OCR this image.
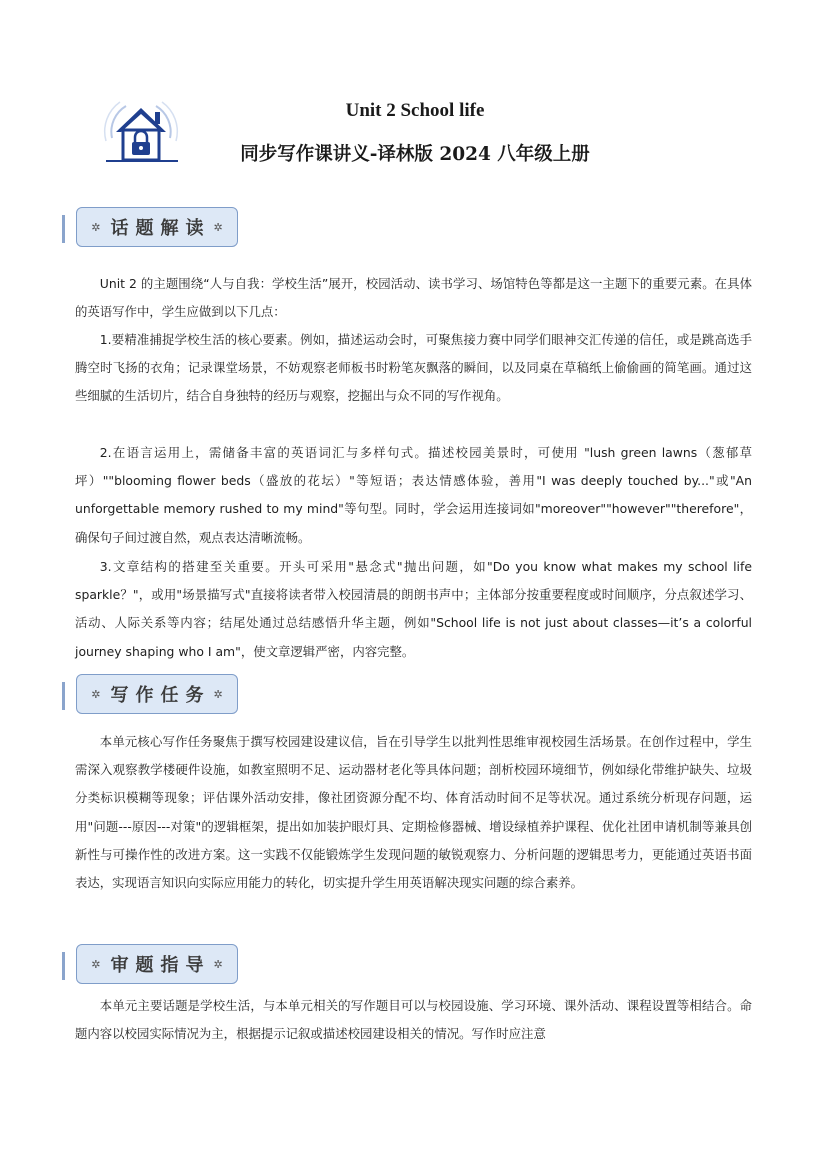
Unit 2 School life
同步写作课讲义-译林版 2024 八年级上册
✲ 话题解读 ✲

Unit 2 的主题围绕“人与自我：学校生活”展开，校园活动、读书学习、场馆特色等都是这一主题下的重要元素。在具体的英语写作中，学生应做到以下几点：

1.要精准捕捉学校生活的核心要素。例如，描述运动会时，可聚焦接力赛中同学们眼神交汇传递的信任，或是跳高选手腾空时飞扬的衣角；记录课堂场景，不妨观察老师板书时粉笔灰飘落的瞬间，以及同桌在草稿纸上偷偷画的简笔画。通过这些细腻的生活切片，结合自身独特的经历与观察，挖掘出与众不同的写作视角。

2.在语言运用上，需储备丰富的英语词汇与多样句式。描述校园美景时，可使用 "lush green lawns（葱郁草坪）""blooming flower beds（盛放的花坛）"等短语；表达情感体验，善用"I was deeply touched by..."或"An unforgettable memory rushed to my mind"等句型。同时，学会运用连接词如"moreover""however""therefore"，确保句子间过渡自然，观点表达清晰流畅。

3.文章结构的搭建至关重要。开头可采用"悬念式"抛出问题，如"Do you know what makes my school life sparkle？"，或用"场景描写式"直接将读者带入校园清晨的朗朗书声中；主体部分按重要程度或时间顺序，分点叙述学习、活动、人际关系等内容；结尾处通过总结感悟升华主题，例如"School life is not just about classes—it’s a colorful journey shaping who I am"，使文章逻辑严密，内容完整。

✲ 写作任务 ✲

本单元核心写作任务聚焦于撰写校园建设建议信，旨在引导学生以批判性思维审视校园生活场景。在创作过程中，学生需深入观察教学楼硬件设施，如教室照明不足、运动器材老化等具体问题；剖析校园环境细节，例如绿化带维护缺失、垃圾分类标识模糊等现象；评估课外活动安排，像社团资源分配不均、体育活动时间不足等状况。通过系统分析现存问题，运用"问题---原因---对策"的逻辑框架，提出如加装护眼灯具、定期检修器械、增设绿植养护课程、优化社团申请机制等兼具创新性与可操作性的改进方案。这一实践不仅能锻炼学生发现问题的敏锐观察力、分析问题的逻辑思考力，更能通过英语书面表达，实现语言知识向实际应用能力的转化，切实提升学生用英语解决现实问题的综合素养。

✲ 审题指导 ✲

本单元主要话题是学校生活，与本单元相关的写作题目可以与校园设施、学习环境、课外活动、课程设置等相结合。命题内容以校园实际情况为主，根据提示记叙或描述校园建设相关的情况。写作时应注意
